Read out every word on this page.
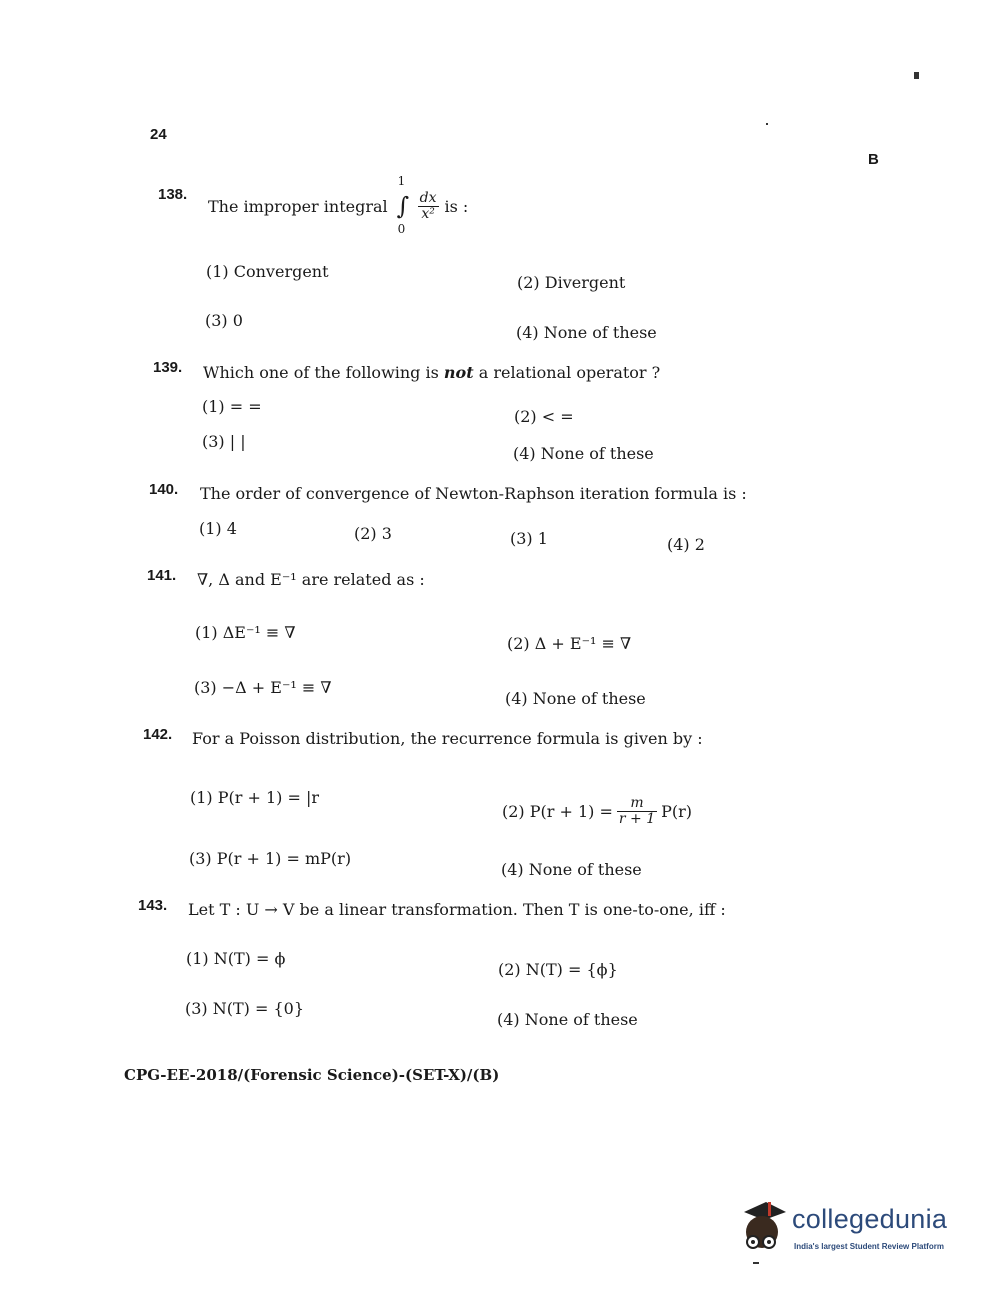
24
B
138.
The improper integral
1
∫
0
$\frac{dx}{\text{x²}}$ is :
(1) Convergent
(2) Divergent
(3) 0
(4) None of these
139. Which one of the following is not a relational operator ?
(1) = =
(2) < =
(3) | |
(4) None of these
140. The order of convergence of Newton-Raphson iteration formula is :
(1) 4	(2) 3	(3) 1	(4) 2
141. ∇, Δ and E⁻¹ are related as :
(1) ΔE⁻¹ ≡ ∇
(2) Δ + E⁻¹ ≡ ∇
(3) −Δ + E⁻¹ ≡ ∇
(4) None of these
142. For a Poisson distribution, the recurrence formula is given by :
(1) P(r + 1) = |r
(2) $P(r + 1) = \frac{m}{r + 1} P(r)$
(3) P(r + 1) = mP(r)
(4) None of these
143. Let T : U → V be a linear transformation. Then T is one-to-one, iff :
(1) N(T) = ϕ
(2) N(T) = {ϕ}
(3) N(T) = {0}
(4) None of these
CPG-EE-2018/(Forensic Science)-(SET-X)/(B)
collegedunia
India's largest Student Review Platform
